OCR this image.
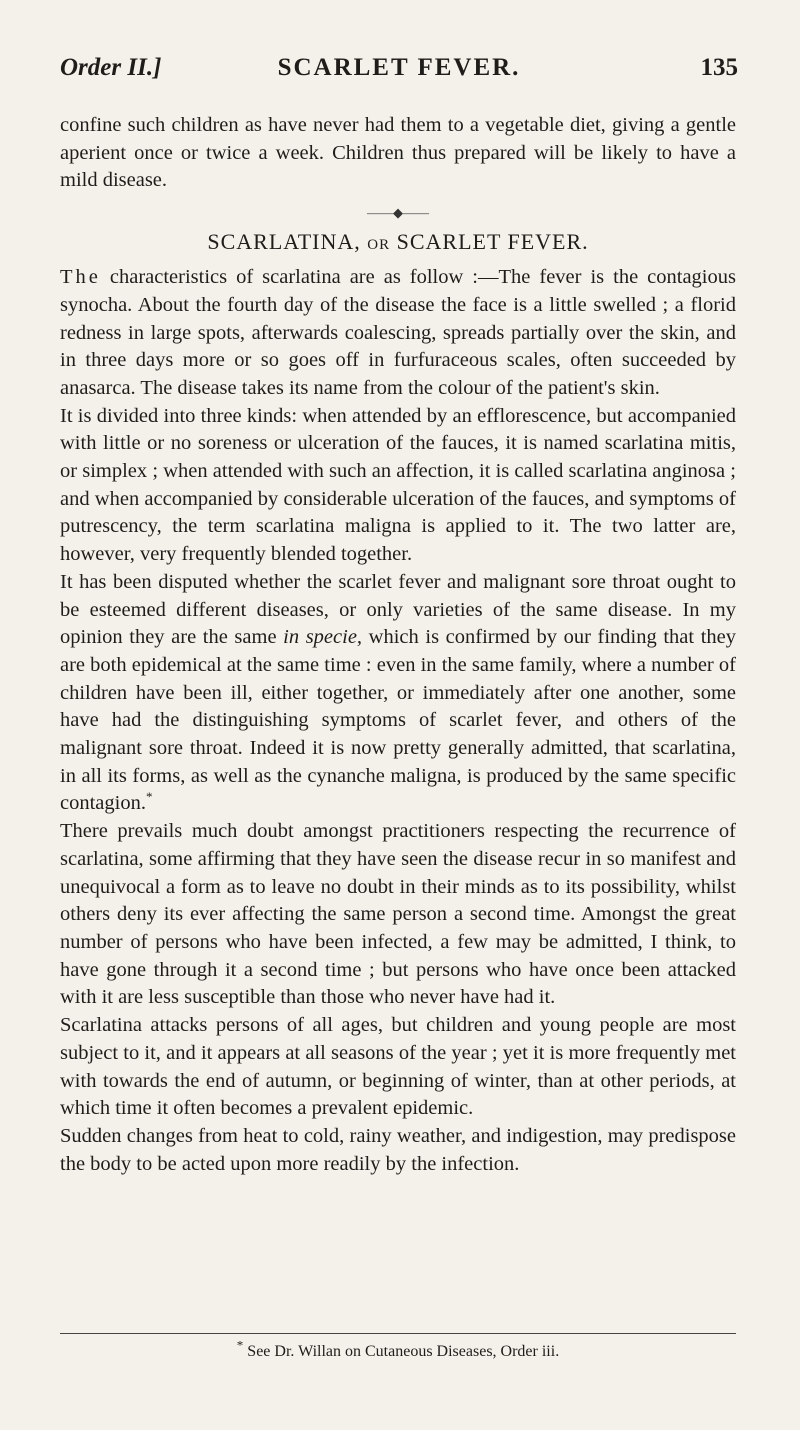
Order II.]	SCARLET FEVER.	135

confine such children as have never had them to a vegetable diet, giving a gentle aperient once or twice a week. Children thus prepared will be likely to have a mild disease.

——◆——
SCARLATINA, OR SCARLET FEVER.

The characteristics of scarlatina are as follow :—The fever is the contagious synocha. About the fourth day of the disease the face is a little swelled ; a florid redness in large spots, afterwards coalescing, spreads partially over the skin, and in three days more or so goes off in furfuraceous scales, often succeeded by anasarca. The disease takes its name from the colour of the patient's skin.

It is divided into three kinds: when attended by an efflorescence, but accompanied with little or no soreness or ulceration of the fauces, it is named scarlatina mitis, or simplex ; when attended with such an affection, it is called scarlatina anginosa ; and when accompanied by considerable ulceration of the fauces, and symptoms of putrescency, the term scarlatina maligna is applied to it. The two latter are, however, very frequently blended together.

It has been disputed whether the scarlet fever and malignant sore throat ought to be esteemed different diseases, or only varieties of the same disease. In my opinion they are the same in specie, which is confirmed by our finding that they are both epidemical at the same time : even in the same family, where a number of children have been ill, either together, or immediately after one another, some have had the distinguishing symptoms of scarlet fever, and others of the malignant sore throat. Indeed it is now pretty generally admitted, that scarlatina, in all its forms, as well as the cynanche maligna, is produced by the same specific contagion.*

There prevails much doubt amongst practitioners respecting the recurrence of scarlatina, some affirming that they have seen the disease recur in so manifest and unequivocal a form as to leave no doubt in their minds as to its possibility, whilst others deny its ever affecting the same person a second time. Amongst the great number of persons who have been infected, a few may be admitted, I think, to have gone through it a second time ; but persons who have once been attacked with it are less susceptible than those who never have had it.

Scarlatina attacks persons of all ages, but children and young people are most subject to it, and it appears at all seasons of the year ; yet it is more frequently met with towards the end of autumn, or beginning of winter, than at other periods, at which time it often becomes a prevalent epidemic.

Sudden changes from heat to cold, rainy weather, and indigestion, may predispose the body to be acted upon more readily by the infection.

* See Dr. Willan on Cutaneous Diseases, Order iii.
